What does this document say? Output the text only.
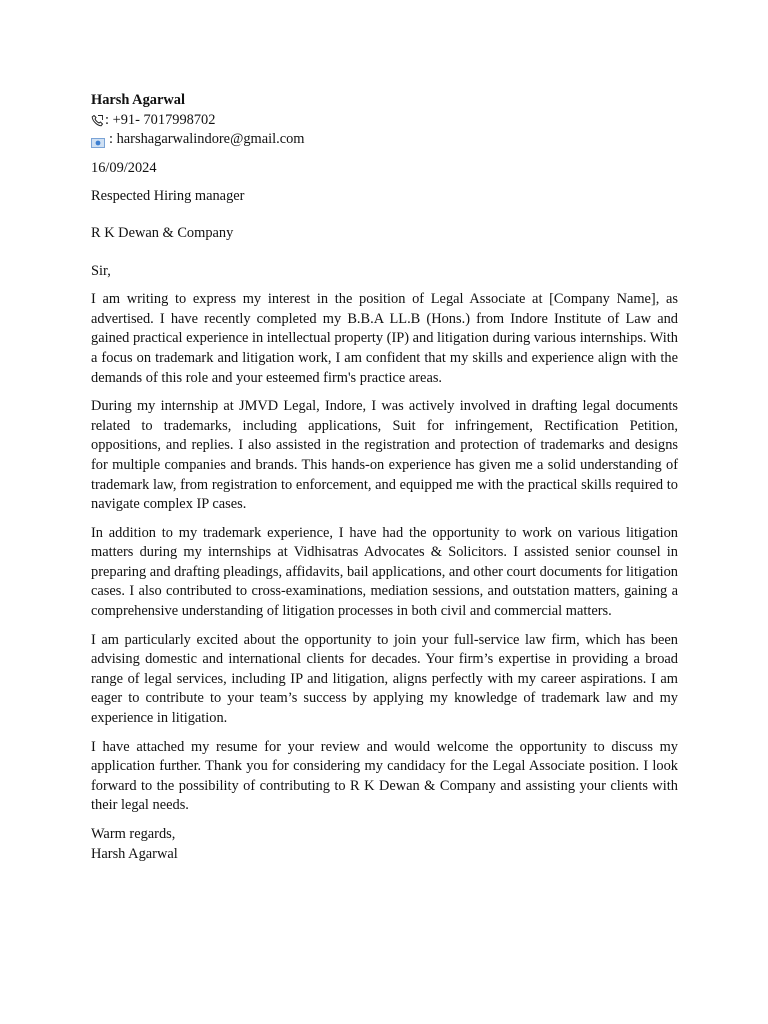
Harsh Agarwal

: +91- 7017998702

: harshagarwalindore@gmail.com

16/09/2024

Respected Hiring manager

R K Dewan & Company

Sir,

I am writing to express my interest in the position of Legal Associate at [Company Name], as advertised. I have recently completed my B.B.A LL.B (Hons.) from Indore Institute of Law and gained practical experience in intellectual property (IP) and litigation during various internships. With a focus on trademark and litigation work, I am confident that my skills and experience align with the demands of this role and your esteemed firm's practice areas.

During my internship at JMVD Legal, Indore, I was actively involved in drafting legal documents related to trademarks, including applications, Suit for infringement, Rectification Petition, oppositions, and replies. I also assisted in the registration and protection of trademarks and designs for multiple companies and brands. This hands-on experience has given me a solid understanding of trademark law, from registration to enforcement, and equipped me with the practical skills required to navigate complex IP cases.

In addition to my trademark experience, I have had the opportunity to work on various litigation matters during my internships at Vidhisatras Advocates & Solicitors. I assisted senior counsel in preparing and drafting pleadings, affidavits, bail applications, and other court documents for litigation cases. I also contributed to cross-examinations, mediation sessions, and outstation matters, gaining a comprehensive understanding of litigation processes in both civil and commercial matters.

I am particularly excited about the opportunity to join your full-service law firm, which has been advising domestic and international clients for decades. Your firm’s expertise in providing a broad range of legal services, including IP and litigation, aligns perfectly with my career aspirations. I am eager to contribute to your team’s success by applying my knowledge of trademark law and my experience in litigation.

I have attached my resume for your review and would welcome the opportunity to discuss my application further. Thank you for considering my candidacy for the Legal Associate position. I look forward to the possibility of contributing to R K Dewan & Company and assisting your clients with their legal needs.

Warm regards,

Harsh Agarwal
